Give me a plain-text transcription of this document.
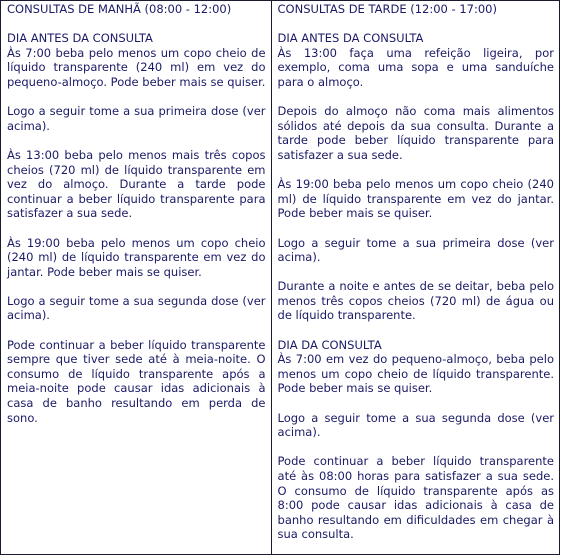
CONSULTAS DE MANHÃ (08:00 - 12:00)
DIA ANTES DA CONSULTA
Às 7:00 beba pelo menos um copo cheio de líquido transparente (240 ml) em vez do pequeno-almoço. Pode beber mais se quiser.
Logo a seguir tome a sua primeira dose (ver acima).
Às 13:00 beba pelo menos mais três copos cheios (720 ml) de líquido transparente em vez do almoço. Durante a tarde pode continuar a beber líquido transparente para satisfazer a sua sede.
Às 19:00 beba pelo menos um copo cheio (240 ml) de líquido transparente em vez do jantar. Pode beber mais se quiser.
Logo a seguir tome a sua segunda dose (ver acima).
Pode continuar a beber líquido transparente sempre que tiver sede até à meia-noite. O consumo de líquido transparente após a meia-noite pode causar idas adicionais à casa de banho resultando em perda de sono.
CONSULTAS DE TARDE (12:00 - 17:00)
DIA ANTES DA CONSULTA
Às 13:00 faça uma refeição ligeira, por exemplo, coma uma sopa e uma sanduíche para o almoço.
Depois do almoço não coma mais alimentos sólidos até depois da sua consulta. Durante a tarde pode beber líquido transparente para satisfazer a sua sede.
Às 19:00 beba pelo menos um copo cheio (240 ml) de líquido transparente em vez do jantar. Pode beber mais se quiser.
Logo a seguir tome a sua primeira dose (ver acima).
Durante a noite e antes de se deitar, beba pelo menos três copos cheios (720 ml) de água ou de líquido transparente.
DIA DA CONSULTA
Às 7:00 em vez do pequeno-almoço, beba pelo menos um copo cheio de líquido transparente. Pode beber mais se quiser.
Logo a seguir tome a sua segunda dose (ver acima).
Pode continuar a beber líquido transparente até às 08:00 horas para satisfazer a sua sede. O consumo de líquido transparente após as 8:00 pode causar idas adicionais à casa de banho resultando em dificuldades em chegar à sua consulta.
